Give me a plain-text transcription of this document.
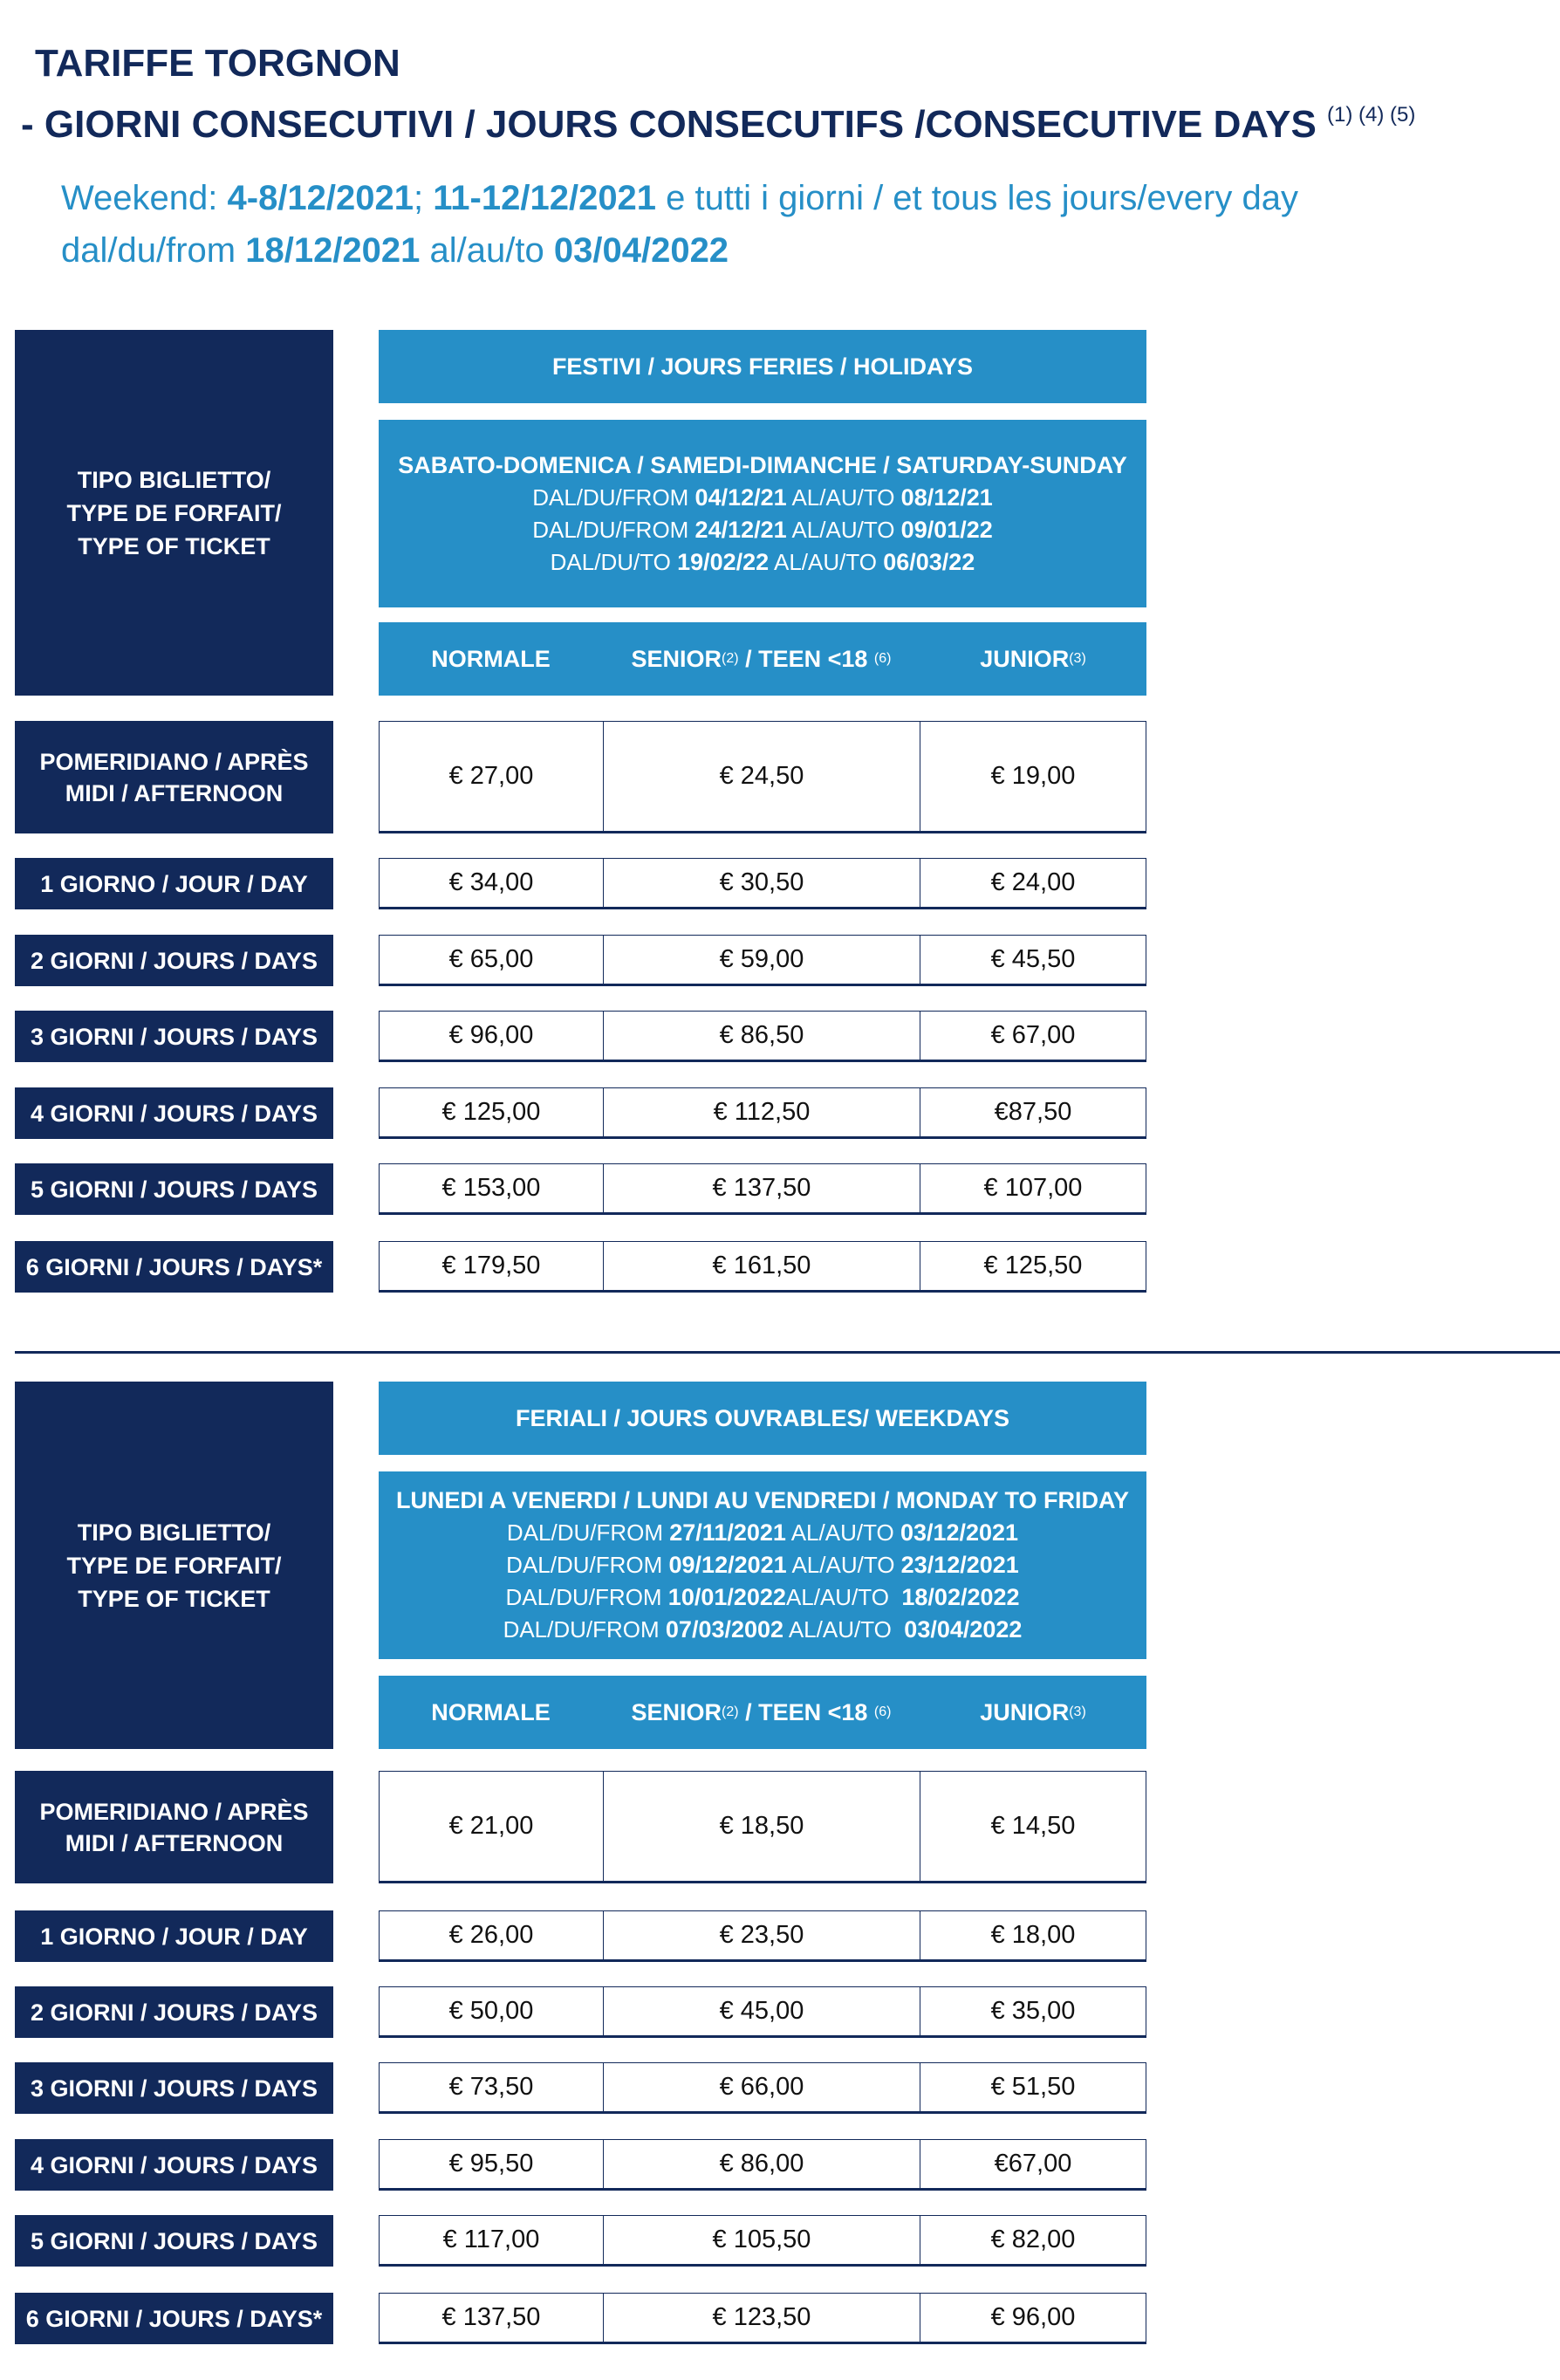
TARIFFE TORGNON
- GIORNI CONSECUTIVI / JOURS CONSECUTIFS /CONSECUTIVE DAYS $^{(1) (4) (5)}$
Weekend: 4-8/12/2021; 11-12/12/2021 e tutti i giorni / et tous les jours/every day
dal/du/from 18/12/2021 al/au/to 03/04/2022
TIPO BIGLIETTO/
TYPE DE FORFAIT/
TYPE OF TICKET
FESTIVI / JOURS FERIES / HOLIDAYS
SABATO-DOMENICA / SAMEDI-DIMANCHE / SATURDAY-SUNDAY
DAL/DU/FROM 04/12/21 AL/AU/TO 08/12/21
DAL/DU/FROM 24/12/21 AL/AU/TO 09/01/22
DAL/DU/TO 19/02/22 AL/AU/TO 06/03/22
NORMALE	SENIOR (2) / TEEN <18 (6)	JUNIOR (3)
POMERIDIANO / APRÈS
MIDI / AFTERNOON
€ 27,00	€ 24,50	€ 19,00
1 GIORNO / JOUR / DAY	€ 34,00	€ 30,50	€ 24,00
2 GIORNI / JOURS / DAYS	€ 65,00	€ 59,00	€ 45,50
3 GIORNI / JOURS / DAYS	€ 96,00	€ 86,50	€ 67,00
4 GIORNI / JOURS / DAYS	€ 125,00	€ 112,50	€87,50
5 GIORNI / JOURS / DAYS	€ 153,00	€ 137,50	€ 107,00
6 GIORNI / JOURS / DAYS*	€ 179,50	€ 161,50	€ 125,50
TIPO BIGLIETTO/
TYPE DE FORFAIT/
TYPE OF TICKET
FERIALI / JOURS OUVRABLES/ WEEKDAYS
LUNEDI A VENERDI / LUNDI AU VENDREDI / MONDAY TO FRIDAY
DAL/DU/FROM 27/11/2021 AL/AU/TO 03/12/2021
DAL/DU/FROM 09/12/2021 AL/AU/TO 23/12/2021
DAL/DU/FROM 10/01/2022AL/AU/TO  18/02/2022
DAL/DU/FROM 07/03/2002 AL/AU/TO  03/04/2022
NORMALE	SENIOR (2) / TEEN <18 (6)	JUNIOR (3)
POMERIDIANO / APRÈS
MIDI / AFTERNOON
€ 21,00	€ 18,50	€ 14,50
1 GIORNO / JOUR / DAY	€ 26,00	€ 23,50	€ 18,00
2 GIORNI / JOURS / DAYS	€ 50,00	€ 45,00	€ 35,00
3 GIORNI / JOURS / DAYS	€ 73,50	€ 66,00	€ 51,50
4 GIORNI / JOURS / DAYS	€ 95,50	€ 86,00	€67,00
5 GIORNI / JOURS / DAYS	€ 117,00	€ 105,50	€ 82,00
6 GIORNI / JOURS / DAYS*	€ 137,50	€ 123,50	€ 96,00
